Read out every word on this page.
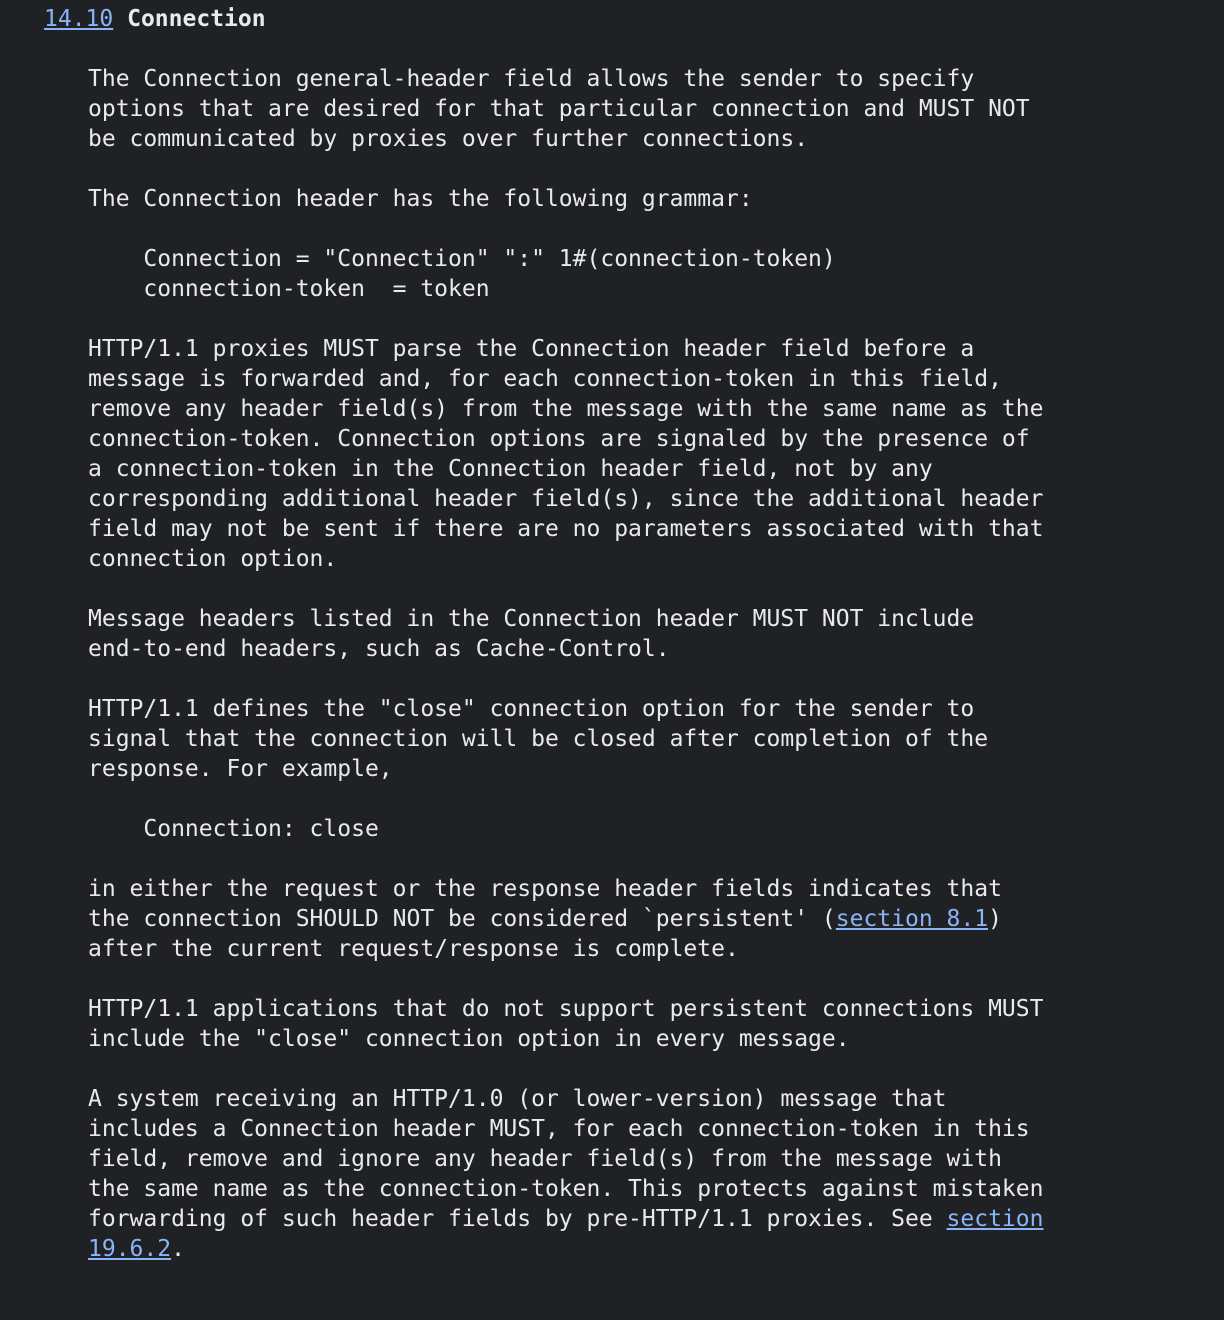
14.10 Connection
The Connection general-header field allows the sender to specify
options that are desired for that particular connection and MUST NOT
be communicated by proxies over further connections.
The Connection header has the following grammar:
Connection = "Connection" ":" 1#(connection-token)
connection-token  = token
HTTP/1.1 proxies MUST parse the Connection header field before a
message is forwarded and, for each connection-token in this field,
remove any header field(s) from the message with the same name as the
connection-token. Connection options are signaled by the presence of
a connection-token in the Connection header field, not by any
corresponding additional header field(s), since the additional header
field may not be sent if there are no parameters associated with that
connection option.
Message headers listed in the Connection header MUST NOT include
end-to-end headers, such as Cache-Control.
HTTP/1.1 defines the "close" connection option for the sender to
signal that the connection will be closed after completion of the
response. For example,
Connection: close
in either the request or the response header fields indicates that
the connection SHOULD NOT be considered `persistent' (section 8.1)
after the current request/response is complete.
HTTP/1.1 applications that do not support persistent connections MUST
include the "close" connection option in every message.
A system receiving an HTTP/1.0 (or lower-version) message that
includes a Connection header MUST, for each connection-token in this
field, remove and ignore any header field(s) from the message with
the same name as the connection-token. This protects against mistaken
forwarding of such header fields by pre-HTTP/1.1 proxies. See section
19.6.2.
